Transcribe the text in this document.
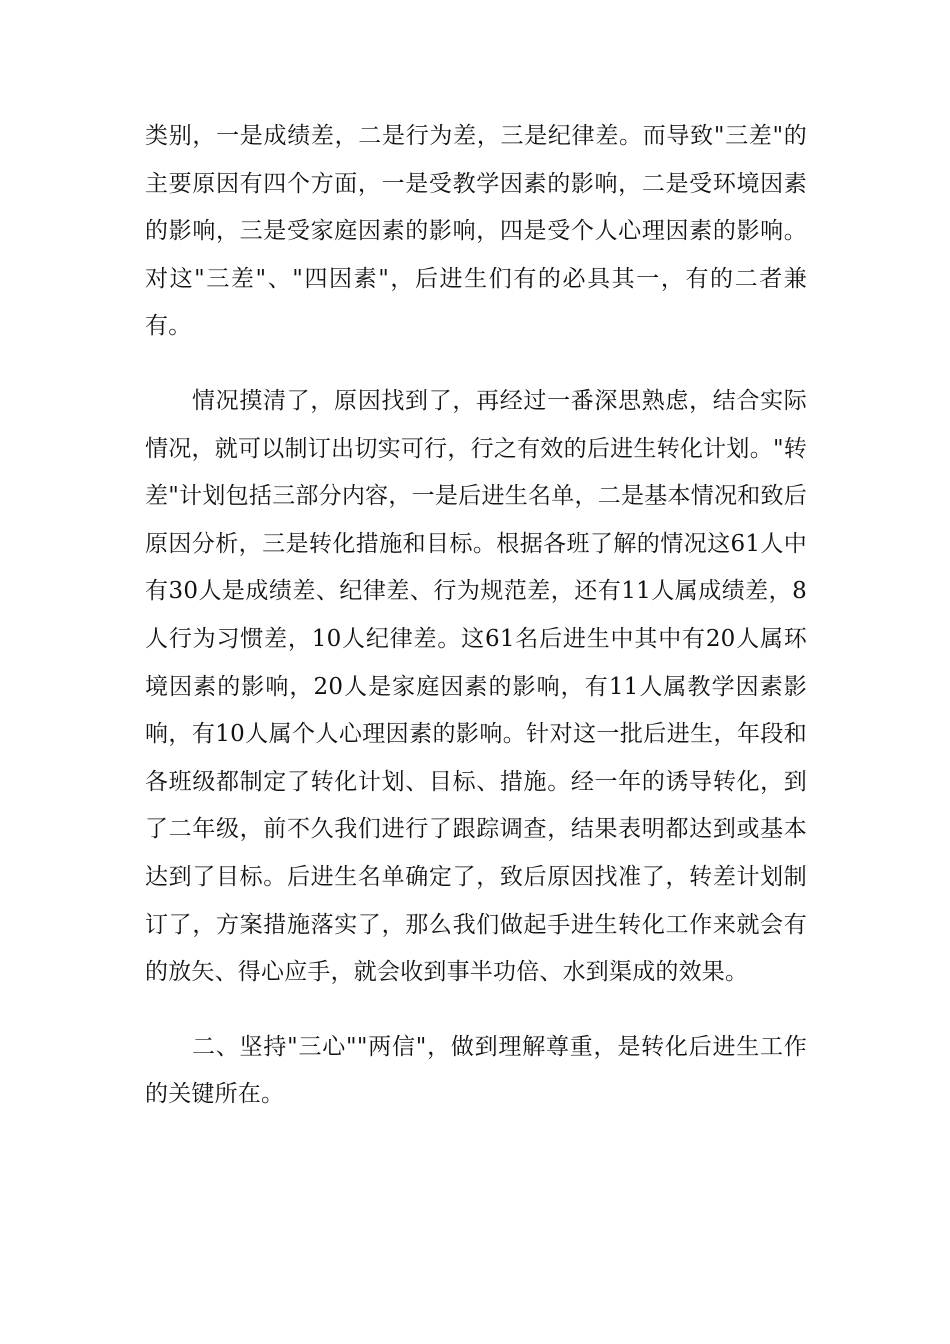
类别，一是成绩差，二是行为差，三是纪律差。而导致"三差"的主要原因有四个方面，一是受教学因素的影响，二是受环境因素的影响，三是受家庭因素的影响，四是受个人心理因素的影响。对这"三差"、"四因素"，后进生们有的必具其一，有的二者兼有。

情况摸清了，原因找到了，再经过一番深思熟虑，结合实际情况，就可以制订出切实可行，行之有效的后进生转化计划。"转差"计划包括三部分内容，一是后进生名单，二是基本情况和致后原因分析，三是转化措施和目标。根据各班了解的情况这61人中有30人是成绩差、纪律差、行为规范差，还有11人属成绩差，8人行为习惯差，10人纪律差。这61名后进生中其中有20人属环境因素的影响，20人是家庭因素的影响，有11人属教学因素影响，有10人属个人心理因素的影响。针对这一批后进生，年段和各班级都制定了转化计划、目标、措施。经一年的诱导转化，到了二年级，前不久我们进行了跟踪调查，结果表明都达到或基本达到了目标。后进生名单确定了，致后原因找准了，转差计划制订了，方案措施落实了，那么我们做起手进生转化工作来就会有的放矢、得心应手，就会收到事半功倍、水到渠成的效果。

二、坚持"三心""两信"，做到理解尊重，是转化后进生工作的关键所在。
